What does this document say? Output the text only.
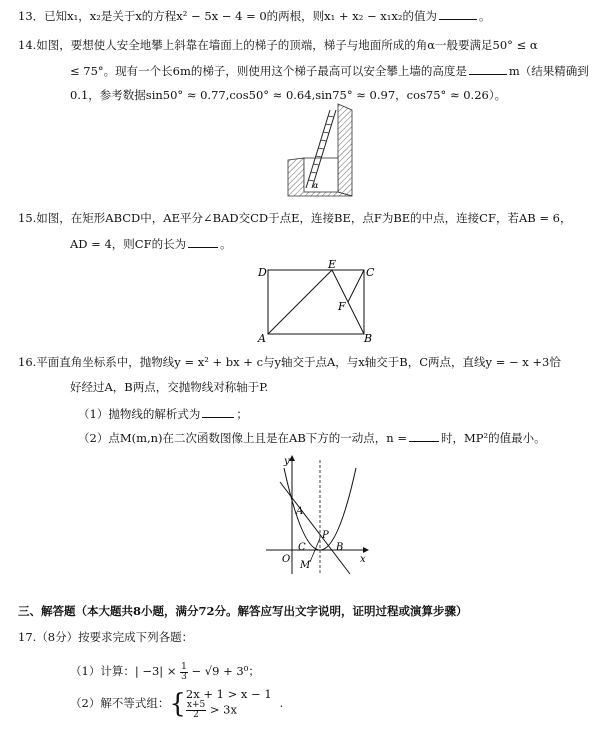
13．已知x₁，x₂是关于x的方程x² − 5x − 4 = 0的两根，则x₁ + x₂ − x₁x₂的值为	。
14.如图，要想使人安全地攀上斜靠在墙面上的梯子的顶端，梯子与地面所成的角α一般要满足50° ≤ α
≤ 75°。现有一个长6m的梯子，则使用这个梯子最高可以安全攀上墙的高度是	m（结果精确到
0.1，参考数据sin50° ≈ 0.77,cos50° ≈ 0.64,sin75° ≈ 0.97，cos75° ≈ 0.26）。
α
15.如图，在矩形ABCD中，AE平分∠BAD交CD于点E，连接BE，点F为BE的中点，连接CF，若AB = 6，
AD = 4，则CF的长为	。
D
E
C
F
A	B
16.平面直角坐标系中，抛物线y = x² + bx + c与y轴交于点A，与x轴交于B，C两点，直线y = − x +3恰
好经过A，B两点，交抛物线对称轴于P.
（1）抛物线的解析式为	；
（2）点M(m,n)在二次函数图像上且是在AB下方的一动点，n =	时，MP²的值最小。
y
x
A
P
C	B
O
M
三、解答题（本大题共8小题，满分72分。解答应写出文字说明，证明过程或演算步骤）
17.（8分）按要求完成下列各题：
（1）计算：| $-3| \times \frac{1}{3} - √9 + 3^0$；
（2）解不等式组：{ 2x + 1 > x − 1
$\frac{x+5}{2} > 3x$	.
